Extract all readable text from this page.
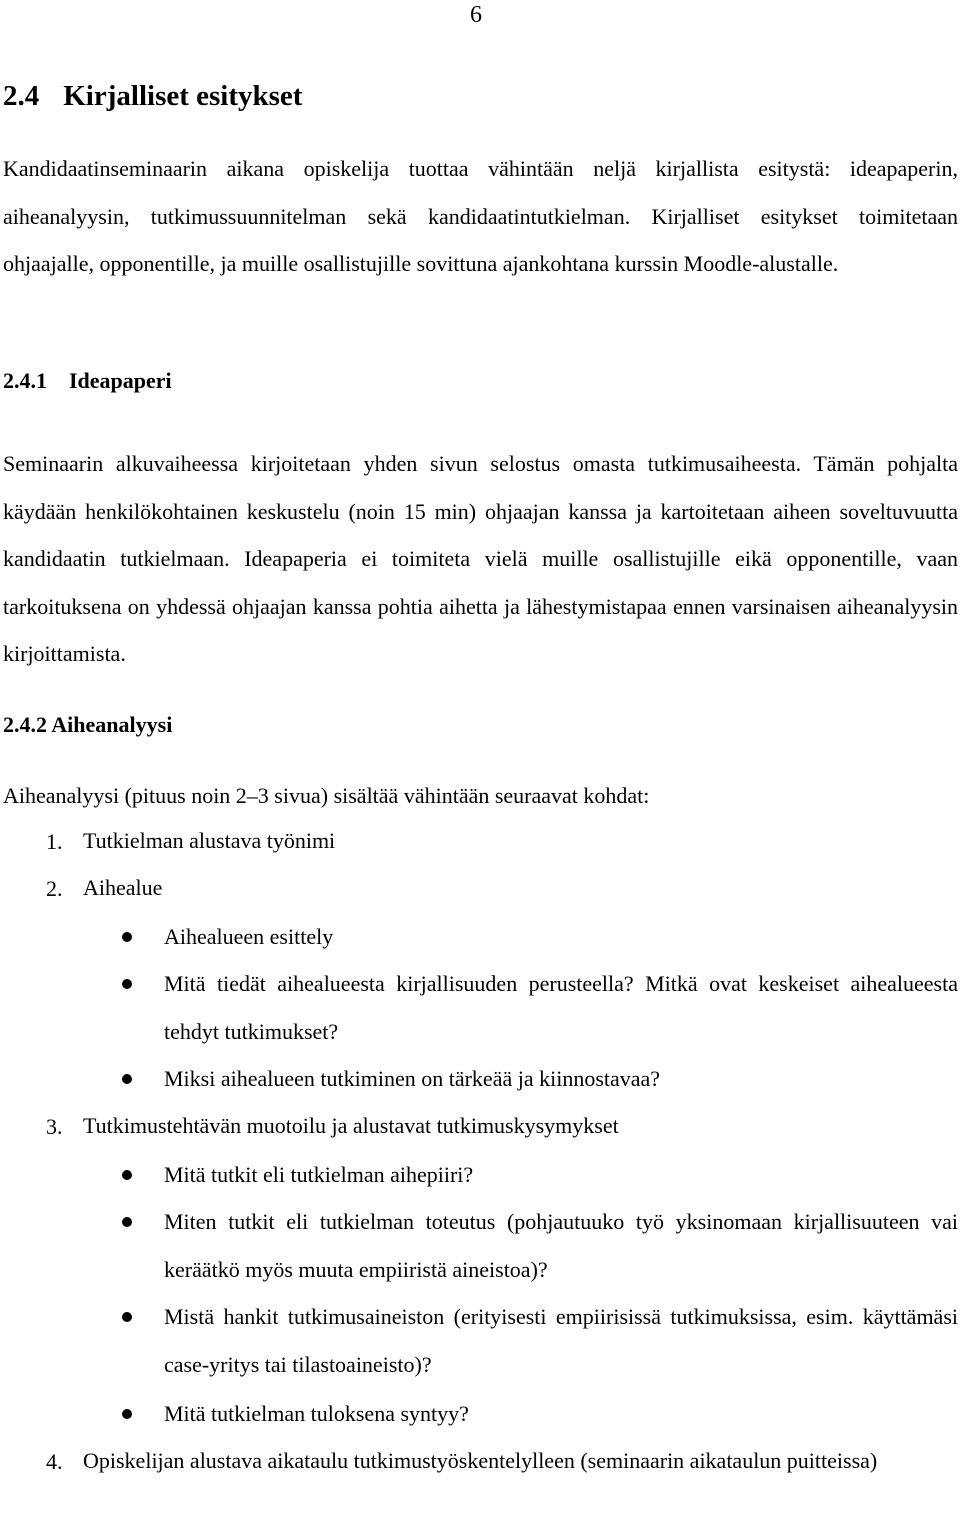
6
2.4 Kirjalliset esitykset
Kandidaatinseminaarin aikana opiskelija tuottaa vähintään neljä kirjallista esitystä: ideapaperin, aiheanalyysin, tutkimussuunnitelman sekä kandidaatintutkielman. Kirjalliset esitykset toimitetaan ohjaajalle, opponentille, ja muille osallistujille sovittuna ajankohtana kurssin Moodle-alustalle.
2.4.1 Ideapaperi
Seminaarin alkuvaiheessa kirjoitetaan yhden sivun selostus omasta tutkimusaiheesta. Tämän pohjalta käydään henkilökohtainen keskustelu (noin 15 min) ohjaajan kanssa ja kartoitetaan aiheen soveltuvuutta kandidaatin tutkielmaan. Ideapaperia ei toimiteta vielä muille osallistujille eikä opponentille, vaan tarkoituksena on yhdessä ohjaajan kanssa pohtia aihetta ja lähestymistapaa ennen varsinaisen aiheanalyysin kirjoittamista.
2.4.2 Aiheanalyysi
Aiheanalyysi (pituus noin 2–3 sivua) sisältää vähintään seuraavat kohdat:
1. Tutkielman alustava työnimi
2. Aihealue
Aihealueen esittely
Mitä tiedät aihealueesta kirjallisuuden perusteella? Mitkä ovat keskeiset aihealueesta tehdyt tutkimukset?
Miksi aihealueen tutkiminen on tärkeää ja kiinnostavaa?
3. Tutkimustehtävän muotoilu ja alustavat tutkimuskysymykset
Mitä tutkit eli tutkielman aihepiiri?
Miten tutkit eli tutkielman toteutus (pohjautuuko työ yksinomaan kirjallisuuteen vai keräätkö myös muuta empiiristä aineistoa)?
Mistä hankit tutkimusaineiston (erityisesti empiirisissä tutkimuksissa, esim. käyttämäsi case-yritys tai tilastoaineisto)?
Mitä tutkielman tuloksena syntyy?
4. Opiskelijan alustava aikataulu tutkimustyöskentelylleen (seminaarin aikataulun puitteissa)
